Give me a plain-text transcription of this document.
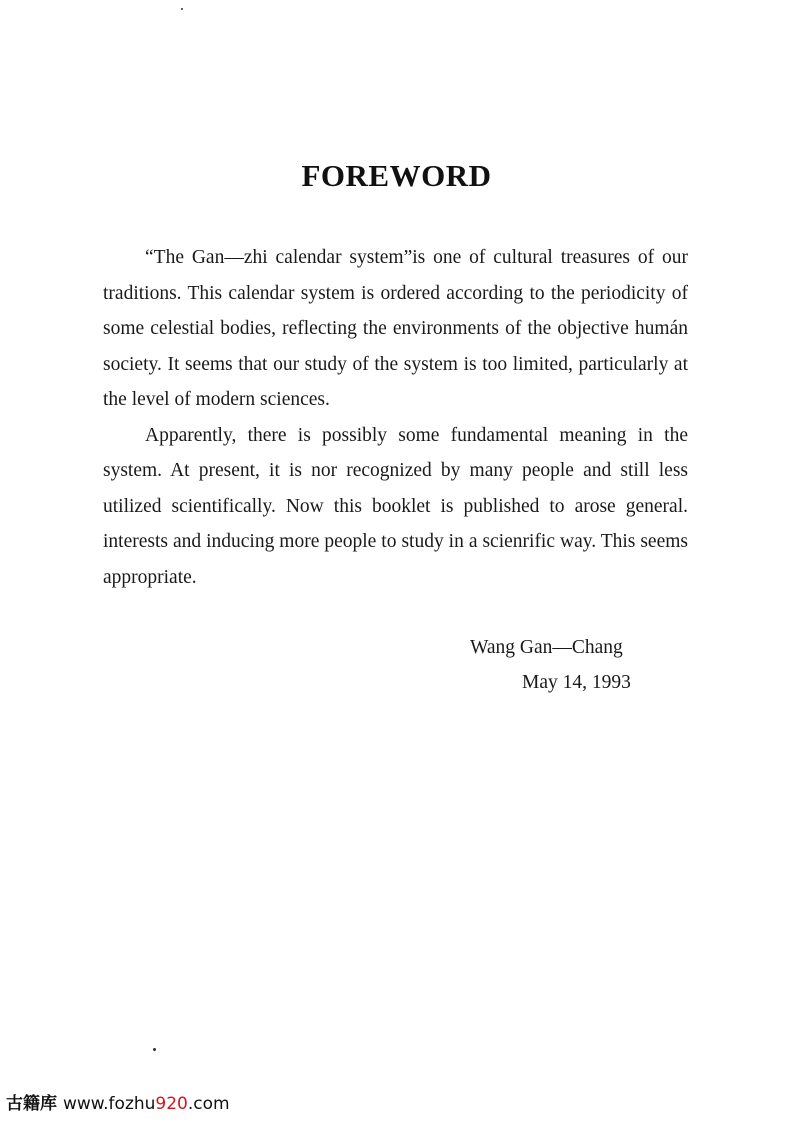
FOREWORD

“The Gan—zhi calendar system”is one of cultural treasures of our traditions. This calendar system is ordered according to the periodicity of some celestial bodies, reflecting the environments of the objective humán society. It seems that our study of the system is too limited, particularly at the level of modern sciences.

Apparently, there is possibly some fundamental meaning in the system. At present, it is nor recognized by many people and still less utilized scientifically. Now this booklet is published to arose general. interests and inducing more people to study in a scienrific way. This seems appropriate.

Wang Gan—Chang
May 14, 1993
古籍库 www.fozhu920.com
